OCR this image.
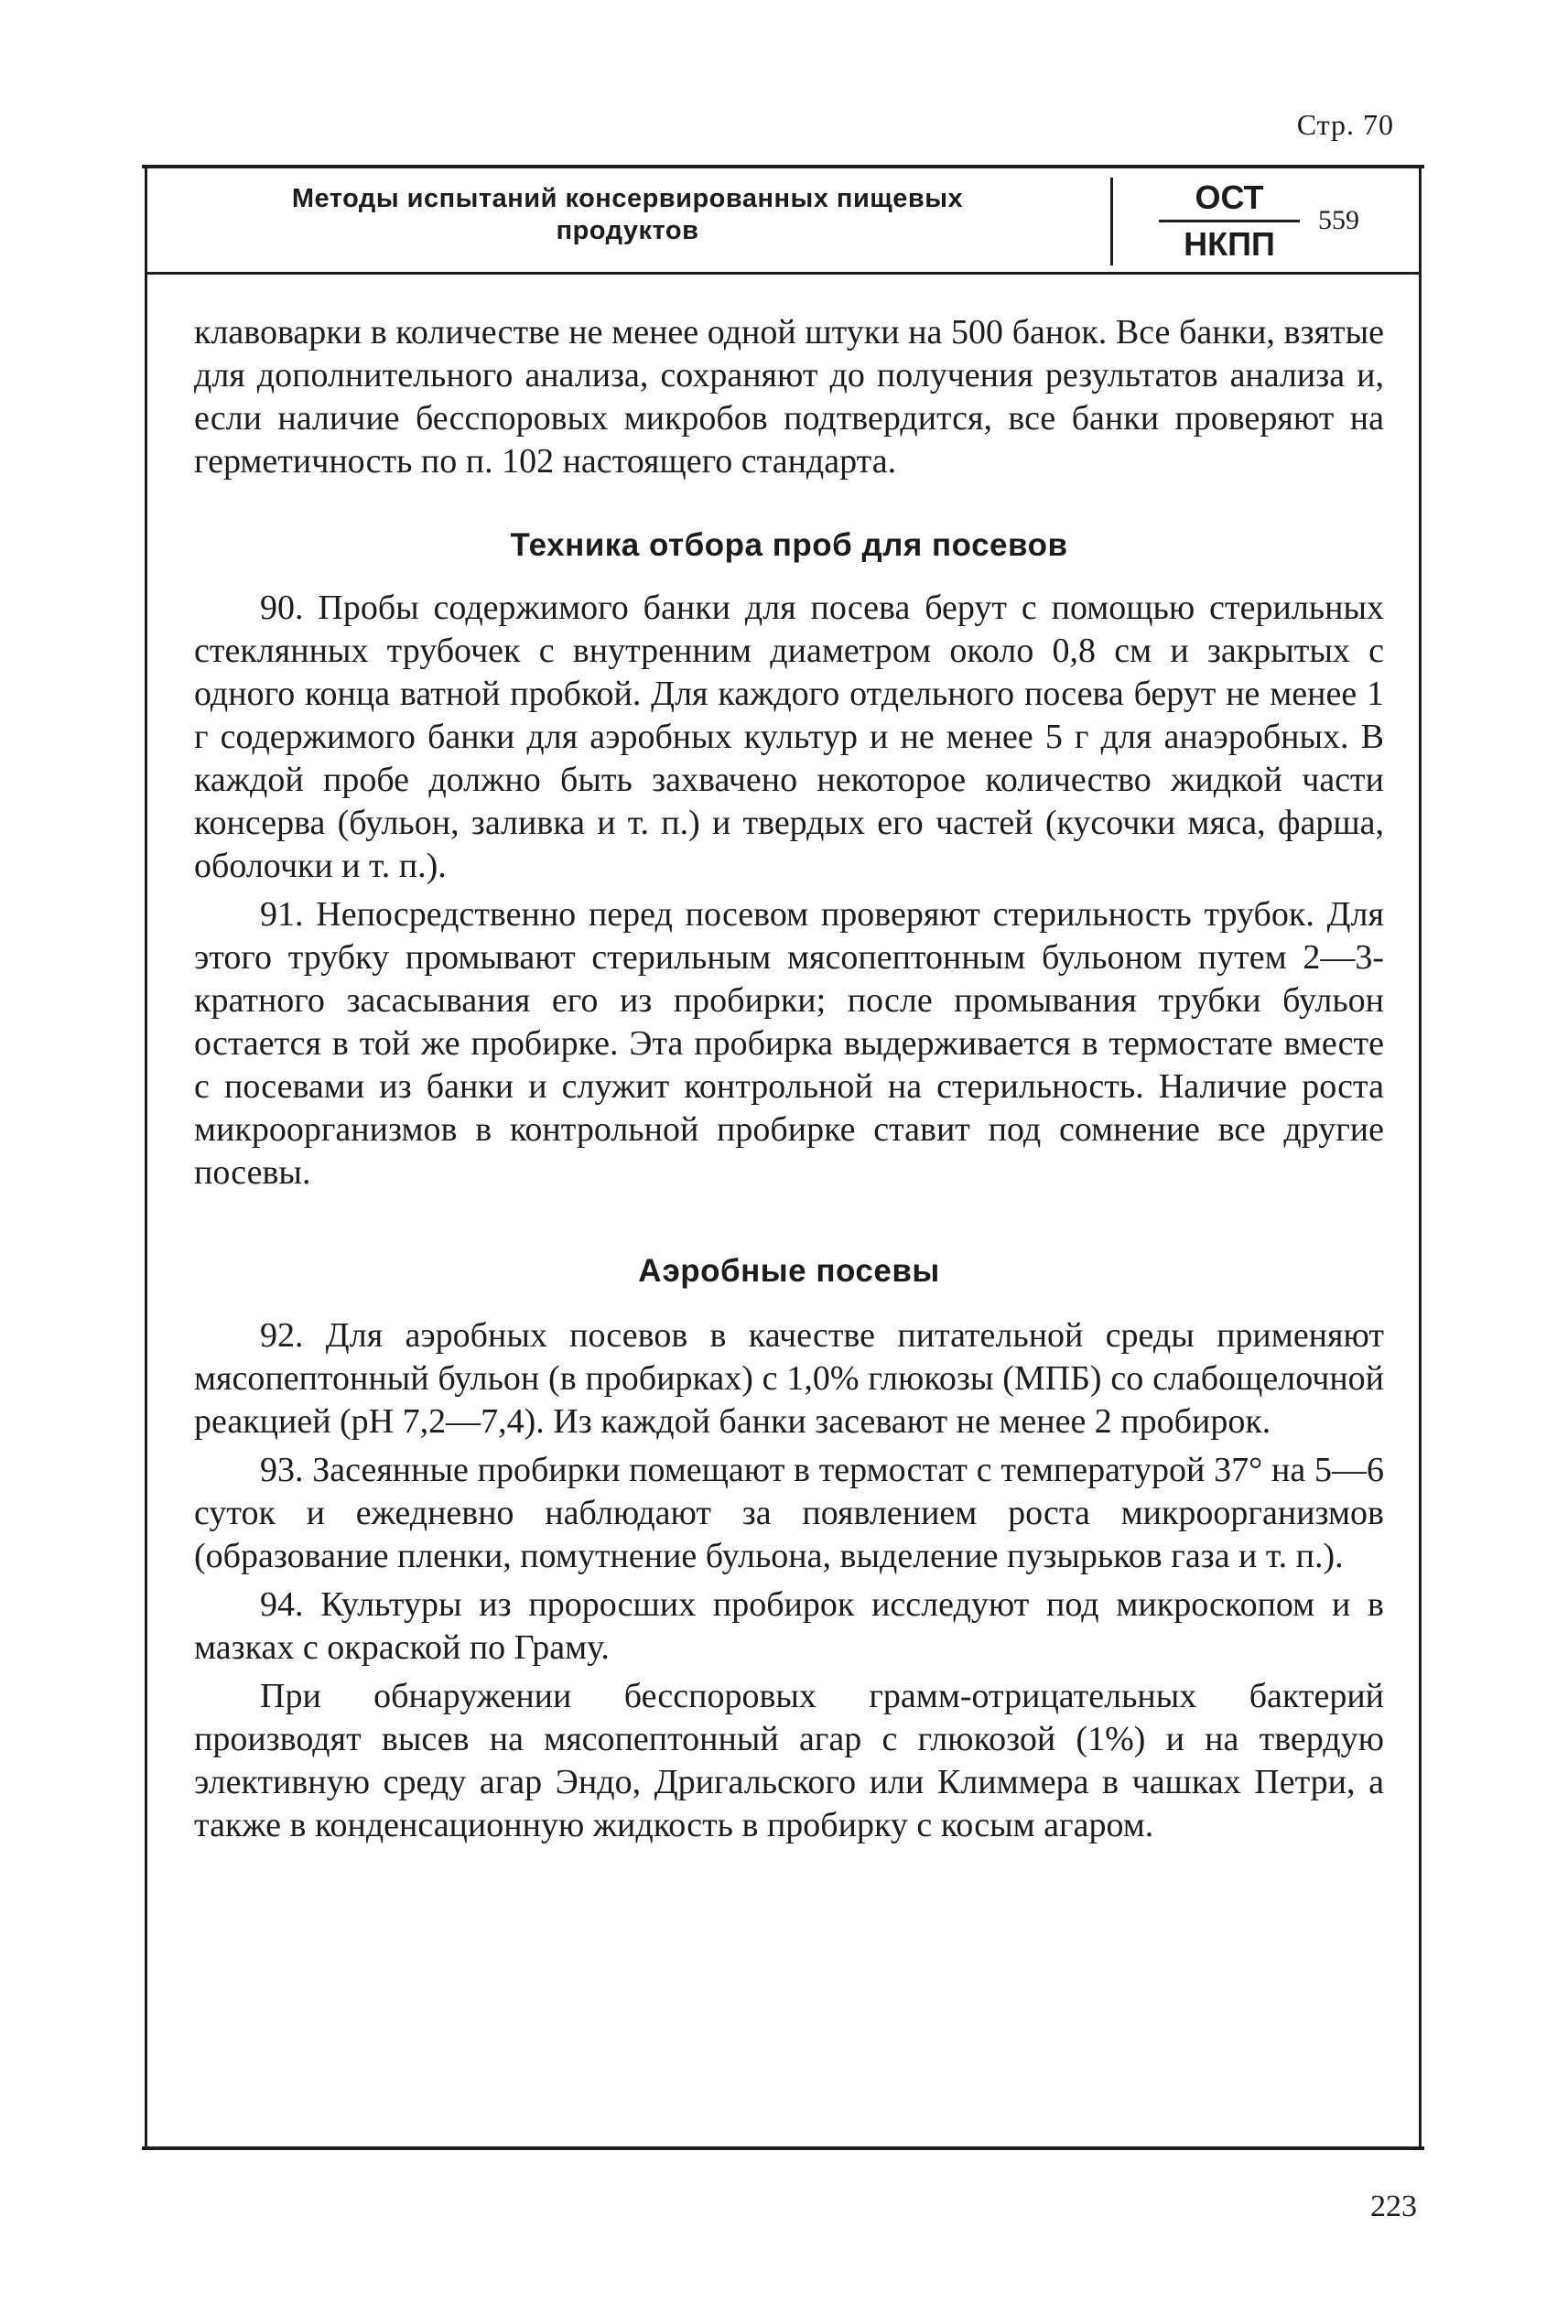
Стр. 70
Методы испытаний консервированных пищевых
продуктов
ОСТ
НКПП
559

клавоварки в количестве не менее одной штуки на 500 банок. Все банки, взятые для дополнительного анализа, сохраняют до получения результатов анализа и, если наличие бесспоровых микробов подтвердится, все банки проверяют на герметичность по п. 102 настоящего стандарта.

Техника отбора проб для посевов

90. Пробы содержимого банки для посева берут с помощью стерильных стеклянных трубочек с внутренним диаметром около 0,8 см и закрытых с одного конца ватной пробкой. Для каждого отдельного посева берут не менее 1 г содержимого банки для аэробных культур и не менее 5 г для анаэробных. В каждой пробе должно быть захвачено некоторое количество жидкой части консерва (бульон, заливка и т. п.) и твердых его частей (кусочки мяса, фарша, оболочки и т. п.).

91. Непосредственно перед посевом проверяют стерильность трубок. Для этого трубку промывают стерильным мясопептонным бульоном путем 2—3-кратного засасывания его из пробирки; после промывания трубки бульон остается в той же пробирке. Эта пробирка выдерживается в термостате вместе с посевами из банки и служит контрольной на стерильность. Наличие роста микроорганизмов в контрольной пробирке ставит под сомнение все другие посевы.

Аэробные посевы

92. Для аэробных посевов в качестве питательной среды применяют мясопептонный бульон (в пробирках) с 1,0% глюкозы (МПБ) со слабощелочной реакцией (рН 7,2—7,4). Из каждой банки засевают не менее 2 пробирок.

93. Засеянные пробирки помещают в термостат с температурой 37° на 5—6 суток и ежедневно наблюдают за появлением роста микроорганизмов (образование пленки, помутнение бульона, выделение пузырьков газа и т. п.).

94. Культуры из проросших пробирок исследуют под микроскопом и в мазках с окраской по Граму.

При обнаружении бесспоровых грамм-отрицательных бактерий производят высев на мясопептонный агар с глюкозой (1%) и на твердую элективную среду агар Эндо, Дригальского или Климмера в чашках Петри, а также в конденсационную жидкость в пробирку с косым агаром.

223
